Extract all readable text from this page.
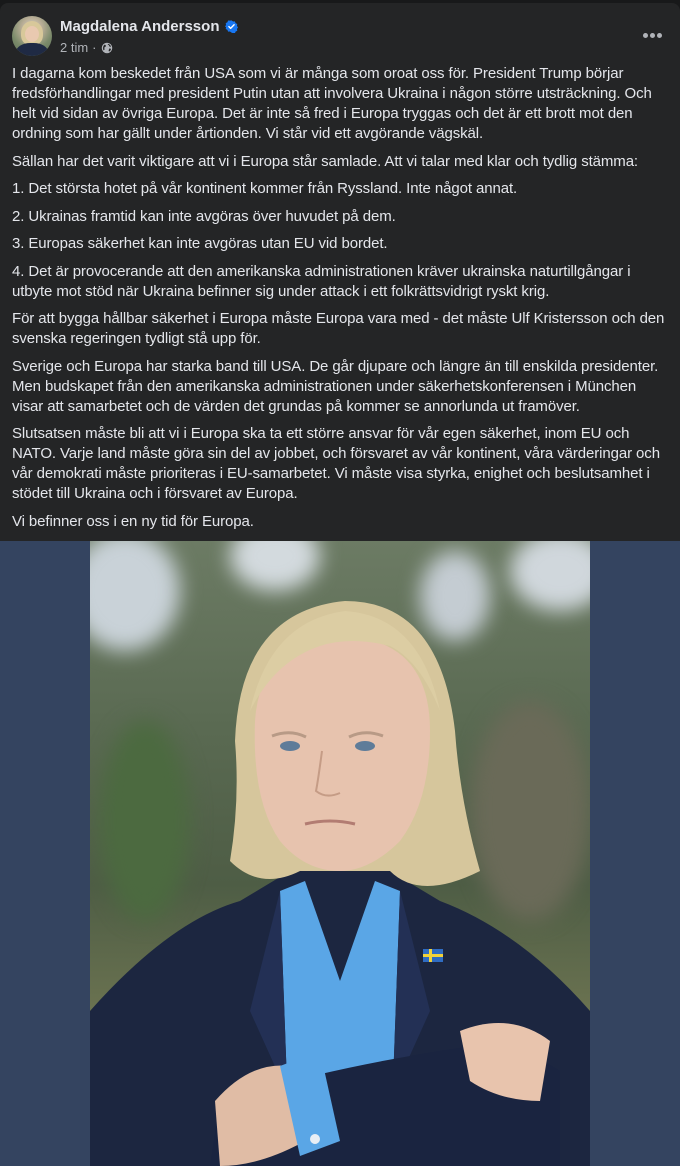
Magdalena Andersson
2 tim ·

I dagarna kom beskedet från USA som vi är många som oroat oss för. President Trump börjar fredsförhandlingar med president Putin utan att involvera Ukraina i någon större utsträckning. Och helt vid sidan av övriga Europa. Det är inte så fred i Europa tryggas och det är ett brott mot den ordning som har gällt under årtionden. Vi står vid ett avgörande vägskäl.

Sällan har det varit viktigare att vi i Europa står samlade. Att vi talar med klar och tydlig stämma:

1. Det största hotet på vår kontinent kommer från Ryssland. Inte något annat.

2. Ukrainas framtid kan inte avgöras över huvudet på dem.

3. Europas säkerhet kan inte avgöras utan EU vid bordet.

4. Det är provocerande att den amerikanska administrationen kräver ukrainska naturtillgångar i utbyte mot stöd när Ukraina befinner sig under attack i ett folkrättsvidrigt ryskt krig.

För att bygga hållbar säkerhet i Europa måste Europa vara med - det måste Ulf Kristersson och den svenska regeringen tydligt stå upp för.

Sverige och Europa har starka band till USA. De går djupare och längre än till enskilda presidenter. Men budskapet från den amerikanska administrationen under säkerhetskonferensen i München visar att samarbetet och de värden det grundas på kommer se annorlunda ut framöver.

Slutsatsen måste bli att vi i Europa ska ta ett större ansvar för vår egen säkerhet, inom EU och NATO. Varje land måste göra sin del av jobbet, och försvaret av vår kontinent, våra värderingar och vår demokrati måste prioriteras i EU-samarbetet. Vi måste visa styrka, enighet och beslutsamhet i stödet till Ukraina och i försvaret av Europa.

Vi befinner oss i en ny tid för Europa.
